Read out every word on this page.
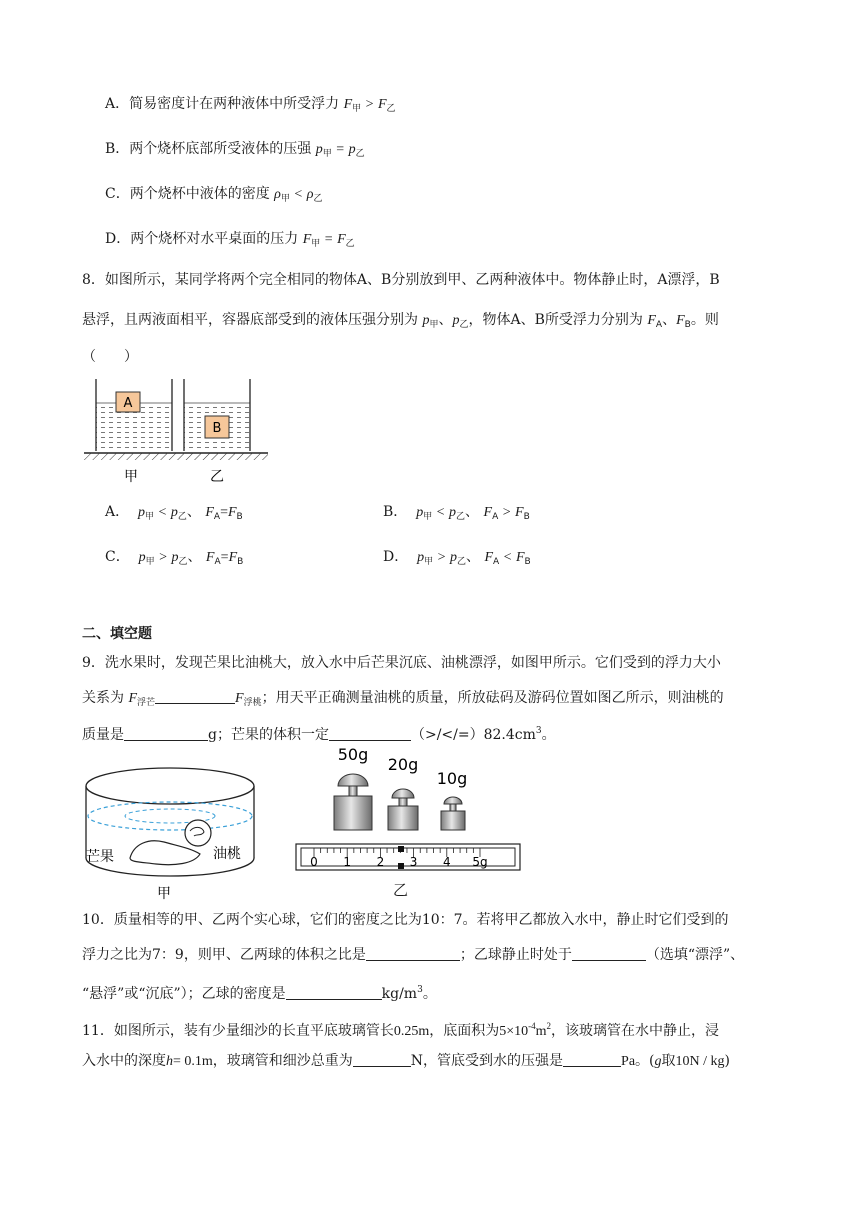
A．简易密度计在两种液体中所受浮力 $F_甲 > F_乙$
B．两个烧杯底部所受液体的压强 $p_甲 = p_乙$
C．两个烧杯中液体的密度 $\rho_甲 < \rho_乙$
D．两个烧杯对水平桌面的压力 $F_甲 = F_乙$
8．如图所示，某同学将两个完全相同的物体A、B分别放到甲、乙两种液体中。物体静止时，A漂浮，B
悬浮，且两液面相平，容器底部受到的液体压强分别为 $p_甲$、$p_乙$，物体A、B所受浮力分别为 $F_A$、$F_B$。则
（　　）
A
B
甲	乙
A． $p_甲 < p_乙$、 $F_A=F_B$	B． $p_甲 < p_乙$、 $F_A > F_B$
C． $p_甲 > p_乙$、 $F_A=F_B$	D． $p_甲 > p_乙$、 $F_A < F_B$
二、填空题
9．洗水果时，发现芒果比油桃大，放入水中后芒果沉底、油桃漂浮，如图甲所示。它们受到的浮力大小
关系为 $F_{浮芒}$	$F_{浮桃}$；用天平正确测量油桃的质量，所放砝码及游码位置如图乙所示，则油桃的
质量是	g；芒果的体积一定	$(>/</=)82.4cm^3$。
芒果	油桃
甲
50g
20g
10g
0 1 2 3 4 5g
乙
10．质量相等的甲、乙两个实心球，它们的密度之比为10：7。若将甲乙都放入水中，静止时它们受到的
浮力之比为7：9，则甲、乙两球的体积之比是	；乙球静止时处于	（选填“漂浮”、
“悬浮”或“沉底”）；乙球的密度是	$kg/m^3$。
11．如图所示，装有少量细沙的长直平底玻璃管长0.25m，底面积为$5\times 10^{-4}m^2$，该玻璃管在水中静止，浸
入水中的深度h= 0.1m，玻璃管和细沙总重为	N，管底受到水的压强是	Pa。(g取10N / kg)
